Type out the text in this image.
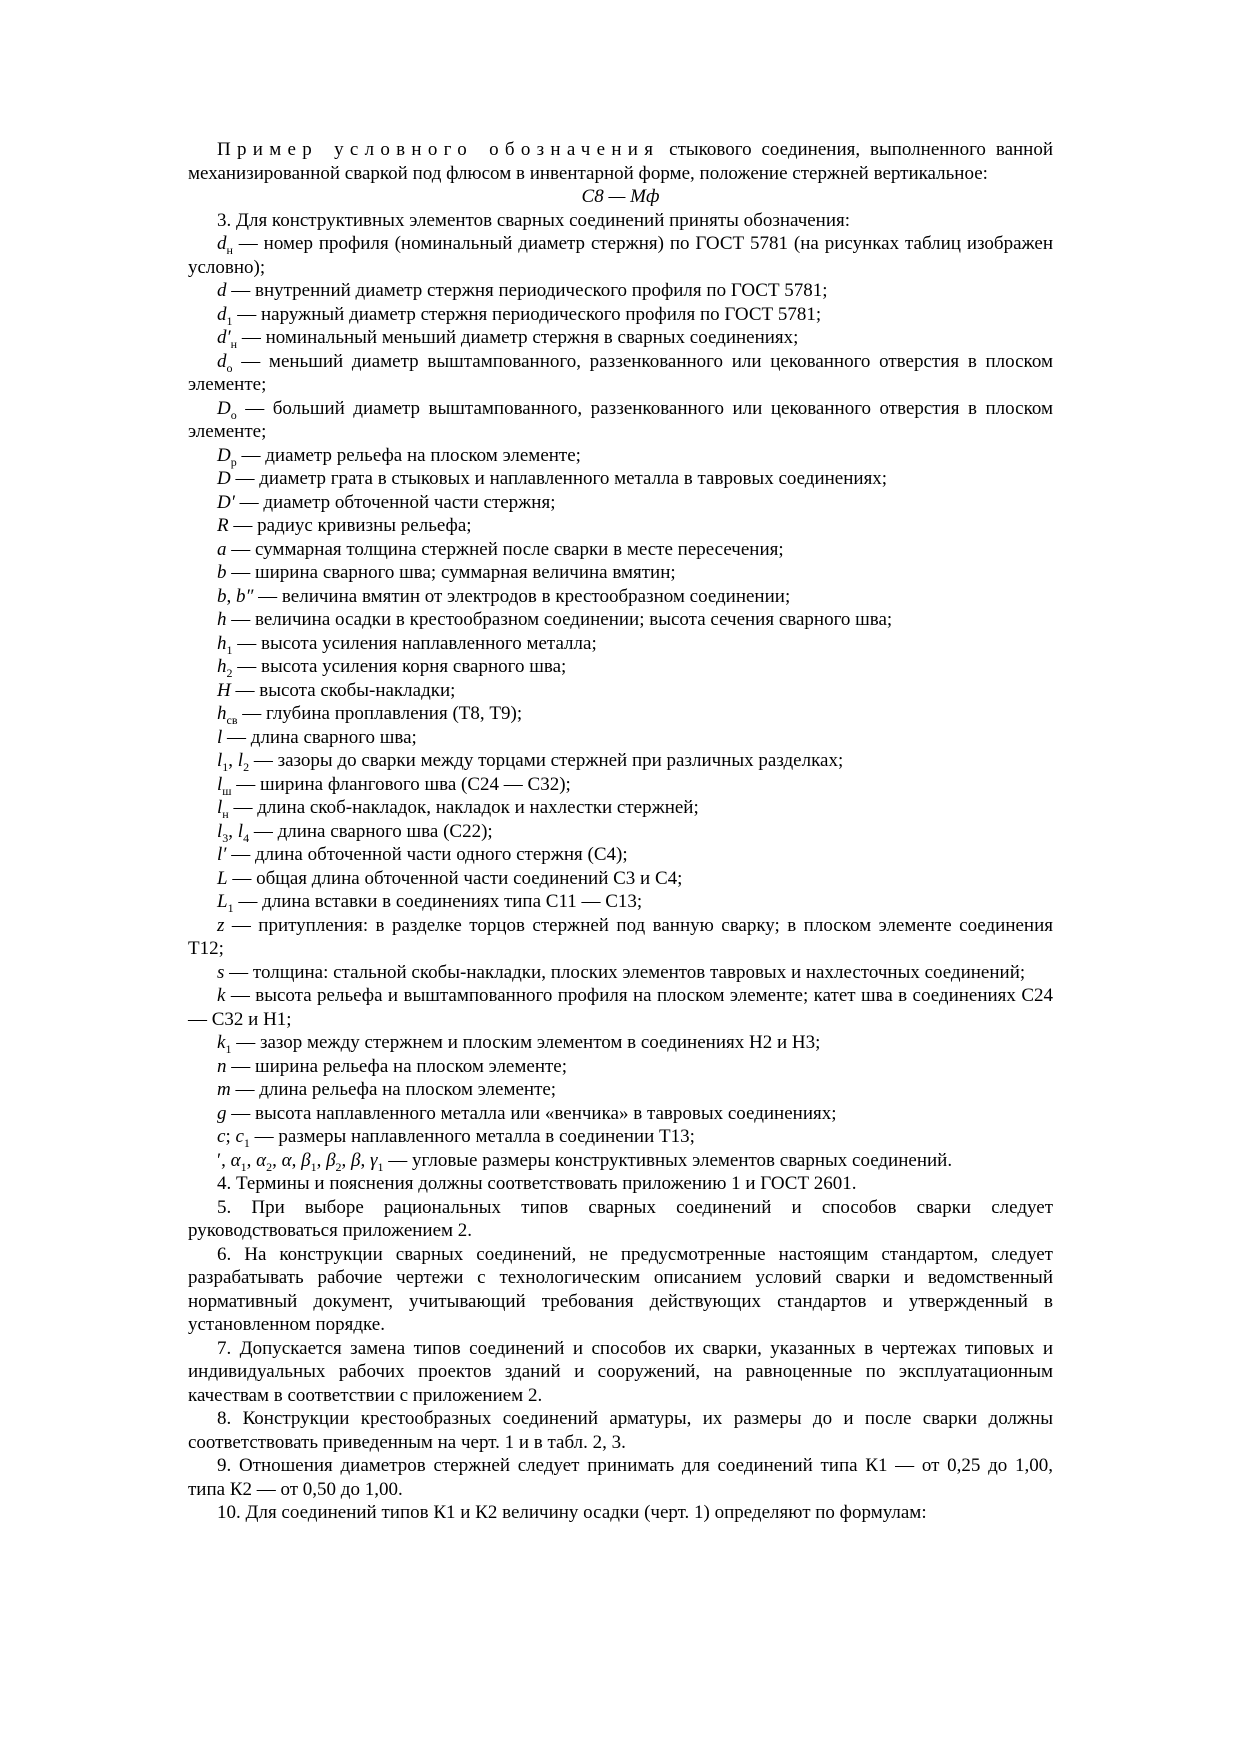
Пример условного обозначения стыкового соединения, выполненного ванной механизированной сваркой под флюсом в инвентарной форме, положение стержней вертикальное:

С8 — Мф

3. Для конструктивных элементов сварных соединений приняты обозначения:

$d_н$ — номер профиля (номинальный диаметр стержня) по ГОСТ 5781 (на рисунках таблиц изображен условно);

d — внутренний диаметр стержня периодического профиля по ГОСТ 5781;

$d_1$ — наружный диаметр стержня периодического профиля по ГОСТ 5781;

$d'_н$ — номинальный меньший диаметр стержня в сварных соединениях;

$d_о$ — меньший диаметр выштампованного, раззенкованного или цекованного отверстия в плоском элементе;

$D_о$ — больший диаметр выштампованного, раззенкованного или цекованного отверстия в плоском элементе;

$D_р$ — диаметр рельефа на плоском элементе;

D — диаметр грата в стыковых и наплавленного металла в тавровых соединениях;

D′ — диаметр обточенной части стержня;

R — радиус кривизны рельефа;

a — суммарная толщина стержней после сварки в месте пересечения;

b — ширина сварного шва; суммарная величина вмятин;

b, b″ — величина вмятин от электродов в крестообразном соединении;

h — величина осадки в крестообразном соединении; высота сечения сварного шва;

$h_1$ — высота усиления наплавленного металла;

$h_2$ — высота усиления корня сварного шва;

H — высота скобы-накладки;

$h_{св}$ — глубина проплавления (Т8, Т9);

l — длина сварного шва;

$l_1$, $l_2$ — зазоры до сварки между торцами стержней при различных разделках;

$l_ш$ — ширина флангового шва (С24 — С32);

$l_н$ — длина скоб-накладок, накладок и нахлестки стержней;

$l_3$, $l_4$ — длина сварного шва (С22);

l′ — длина обточенной части одного стержня (С4);

L — общая длина обточенной части соединений С3 и С4;

$L_1$ — длина вставки в соединениях типа С11 — С13;

z — притупления: в разделке торцов стержней под ванную сварку; в плоском элементе соединения Т12;

s — толщина: стальной скобы-накладки, плоских элементов тавровых и нахлесточных соединений;

k — высота рельефа и выштампованного профиля на плоском элементе; катет шва в соединениях С24 — С32 и Н1;

$k_1$ — зазор между стержнем и плоским элементом в соединениях Н2 и Н3;

n — ширина рельефа на плоском элементе;

m — длина рельефа на плоском элементе;

g — высота наплавленного металла или «венчика» в тавровых соединениях;

c; $c_1$ — размеры наплавленного металла в соединении Т13;

′, $\alpha_1$, $\alpha_2$, α, $\beta_1$, $\beta_2$, β, $\gamma_1$ — угловые размеры конструктивных элементов сварных соединений.

4. Термины и пояснения должны соответствовать приложению 1 и ГОСТ 2601.

5. При выборе рациональных типов сварных соединений и способов сварки следует руководствоваться приложением 2.

6. На конструкции сварных соединений, не предусмотренные настоящим стандартом, следует разрабатывать рабочие чертежи с технологическим описанием условий сварки и ведомственный нормативный документ, учитывающий требования действующих стандартов и утвержденный в установленном порядке.

7. Допускается замена типов соединений и способов их сварки, указанных в чертежах типовых и индивидуальных рабочих проектов зданий и сооружений, на равноценные по эксплуатационным качествам в соответствии с приложением 2.

8. Конструкции крестообразных соединений арматуры, их размеры до и после сварки должны соответствовать приведенным на черт. 1 и в табл. 2, 3.

9. Отношения диаметров стержней следует принимать для соединений типа К1 — от 0,25 до 1,00, типа К2 — от 0,50 до 1,00.

10. Для соединений типов К1 и К2 величину осадки (черт. 1) определяют по формулам:
